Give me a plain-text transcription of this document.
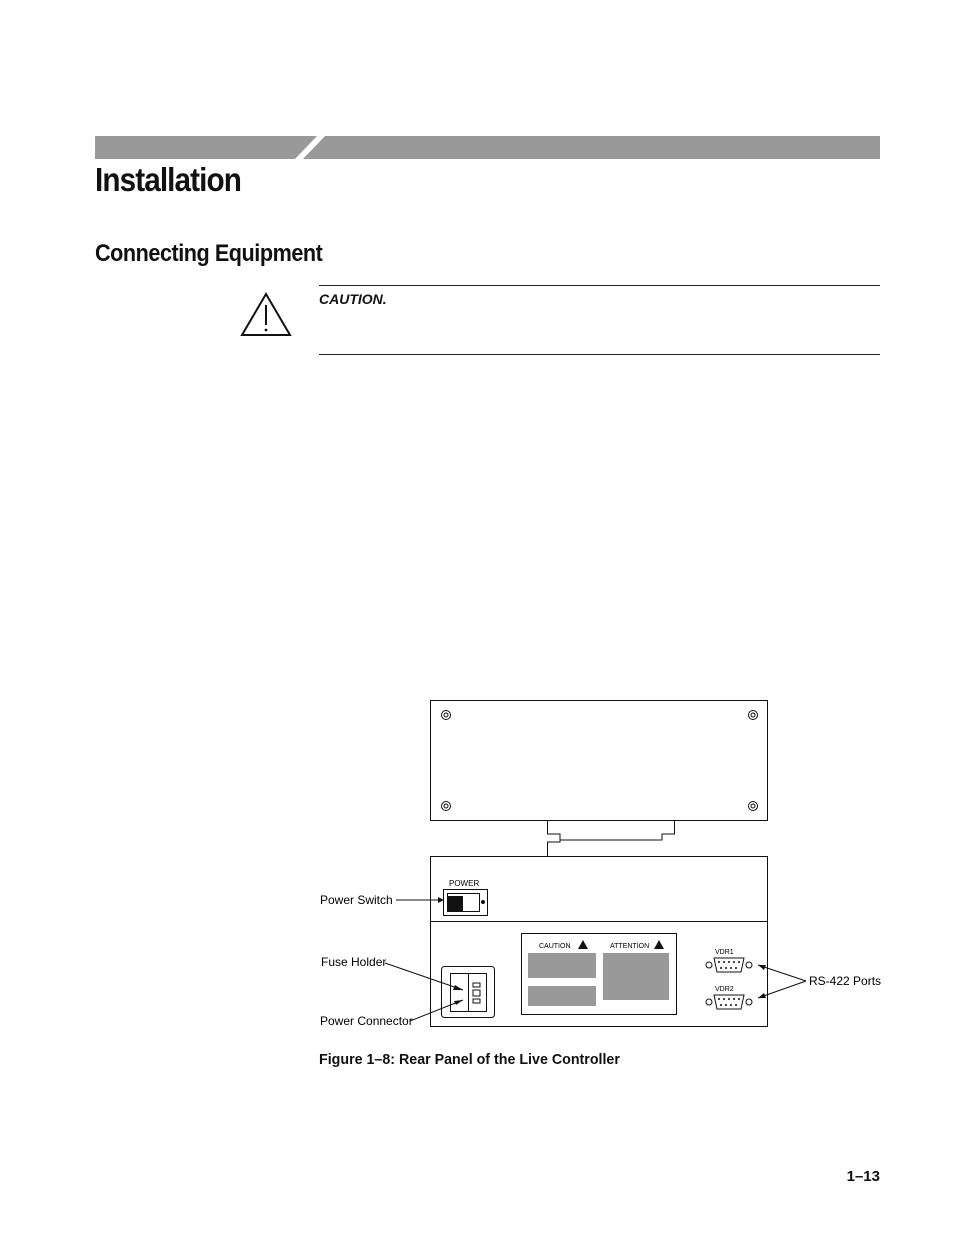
Installation
Connecting Equipment
CAUTION.
POWER
CAUTION	ATTENTION
VDR1
VDR2
Power Switch
Fuse Holder
Power Connector
RS-422 Ports
Figure 1–8: Rear Panel of the Live Controller
1–13
